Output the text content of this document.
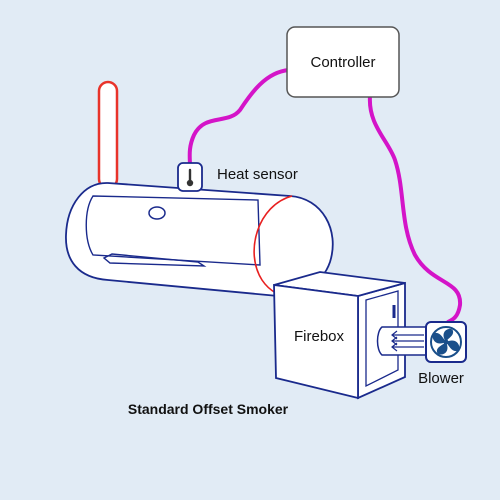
Controller
Heat sensor
Firebox
Blower
Standard Offset Smoker
